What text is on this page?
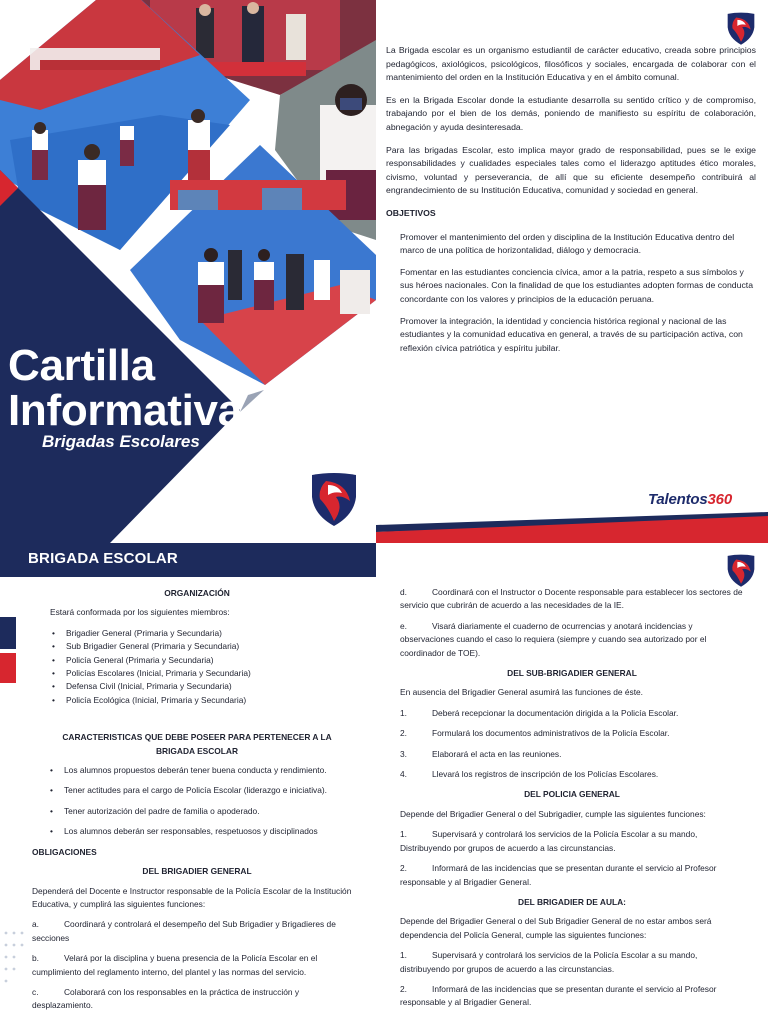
Cartilla
Informativa
Brigadas Escolares

La Brigada escolar es un organismo estudiantil de carácter educativo, creada sobre principios pedagógicos, axiológicos, psicológicos, filosóficos y sociales, encargada de colaborar con el mantenimiento del orden en la Institución Educativa y en el ámbito comunal.

Es en la Brigada Escolar donde la estudiante desarrolla su sentido crítico y de compromiso, trabajando por el bien de los demás, poniendo de manifiesto su espíritu de colaboración, abnegación y ayuda desinteresada.

Para las brigadas Escolar, esto implica mayor grado de responsabilidad, pues se le exige responsabilidades y cualidades especiales tales como el liderazgo aptitudes ético morales, civismo, voluntad y perseverancia, de allí que su eficiente desempeño contribuirá al engrandecimiento de su Institución Educativa, comunidad y sociedad en general.

OBJETIVOS

Promover el mantenimiento del orden y disciplina de la Institución Educativa dentro del marco de una política de horizontalidad, diálogo y democracia.

Fomentar en las estudiantes conciencia cívica, amor a la patria, respeto a sus símbolos y sus héroes nacionales. Con la finalidad de que los estudiantes adopten formas de conducta concordante con los valores y principios de la educación peruana.

Promover la integración, la identidad y conciencia histórica regional y nacional de las estudiantes y la comunidad educativa en general, a través de su participación activa, con reflexión cívica patriótica y espíritu jubilar.

Talentos360
BRIGADA ESCOLAR
ORGANIZACIÓN

Estará conformada por los siguientes miembros:

• Brigadier General (Primaria y Secundaria)
• Sub Brigadier General (Primaria y Secundaria)
• Policía General (Primaria y Secundaria)
• Policías Escolares (Inicial, Primaria y Secundaria)
• Defensa Civil (Inicial, Primaria y Secundaria)
• Policía Ecológica (Inicial, Primaria y Secundaria)
CARACTERISTICAS QUE DEBE POSEER PARA PERTENECER A LA BRIGADA ESCOLAR
• Los alumnos propuestos deberán tener buena conducta y rendimiento.
• Tener actitudes para el cargo de Policía Escolar (liderazgo e iniciativa).
• Tener autorización del padre de familia o apoderado.
• Los alumnos deberán ser responsables, respetuosos y disciplinados
OBLIGACIONES
DEL BRIGADIER GENERAL

Dependerá del Docente e Instructor responsable de la Policía Escolar de la Institución Educativa, y cumplirá las siguientes funciones:

a.	Coordinará y controlará el desempeño del Sub Brigadier y Brigadieres de secciones

b.	Velará por la disciplina y buena presencia de la Policía Escolar en el cumplimiento del reglamento interno, del plantel y las normas del servicio.

c.	Colaborará con los responsables en la práctica de instrucción y desplazamiento.

d.	Coordinará con el Instructor o Docente responsable para establecer los sectores de servicio que cubrirán de acuerdo a las necesidades de la IE.

e.	Visará diariamente el cuaderno de ocurrencias y anotará incidencias y observaciones cuando el caso lo requiera (siempre y cuando sea autorizado por el coordinador de TOE).

DEL SUB-BRIGADIER GENERAL

En ausencia del Brigadier General asumirá las funciones de éste.

1.	Deberá recepcionar la documentación dirigida a la Policía Escolar.

2.	Formulará los documentos administrativos de la Policía Escolar.

3.	Elaborará el acta en las reuniones.

4.	Llevará los registros de inscripción de los Policías Escolares.

DEL POLICIA GENERAL

Depende del Brigadier General o del Subrigadier, cumple las siguientes funciones:

1.	Supervisará y controlará los servicios de la Policía Escolar a su mando, Distribuyendo por grupos de acuerdo a las circunstancias.

2.	Informará de las incidencias que se presentan durante el servicio al Profesor responsable y al Brigadier General.

DEL BRIGADIER DE AULA:

Depende del Brigadier General o del Sub Brigadier General de no estar ambos será dependencia del Policía General, cumple las siguientes funciones:

1.	Supervisará y controlará los servicios de la Policía Escolar a su mando, distribuyendo por grupos de acuerdo a las circunstancias.

2.	Informará de las incidencias que se presentan durante el servicio al Profesor responsable y al Brigadier General.
